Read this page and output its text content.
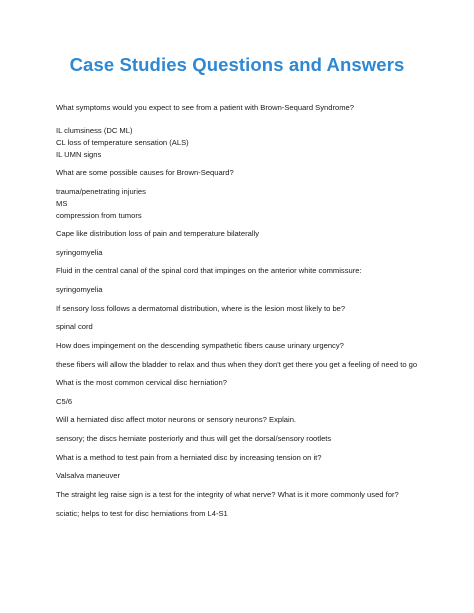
Case Studies Questions and Answers
What symptoms would you expect to see from a patient with Brown-Sequard Syndrome?
IL clumsiness (DC ML)
CL loss of temperature sensation (ALS)
IL UMN signs
What are some possible causes for Brown-Sequard?
trauma/penetrating injuries
MS
compression from tumors
Cape like distribution loss of pain and temperature bilaterally
syringomyelia
Fluid in the central canal of the spinal cord that impinges on the anterior white commissure:
syringomyelia
If sensory loss follows a dermatomal distribution, where is the lesion most likely to be?
spinal cord
How does impingement on the descending sympathetic fibers cause urinary urgency?
these fibers will allow the bladder to relax and thus when they don't get there you get a feeling of need to go
What is the most common cervical disc herniation?
C5/6
Will a herniated disc affect motor neurons or sensory neurons? Explain.
sensory; the discs herniate posteriorly and thus will get the dorsal/sensory rootlets
What is a method to test pain from a herniated disc by increasing tension on it?
Valsalva maneuver
The straight leg raise sign is a test for the integrity of what nerve? What is it more commonly used for?
sciatic; helps to test for disc herniations from L4-S1
